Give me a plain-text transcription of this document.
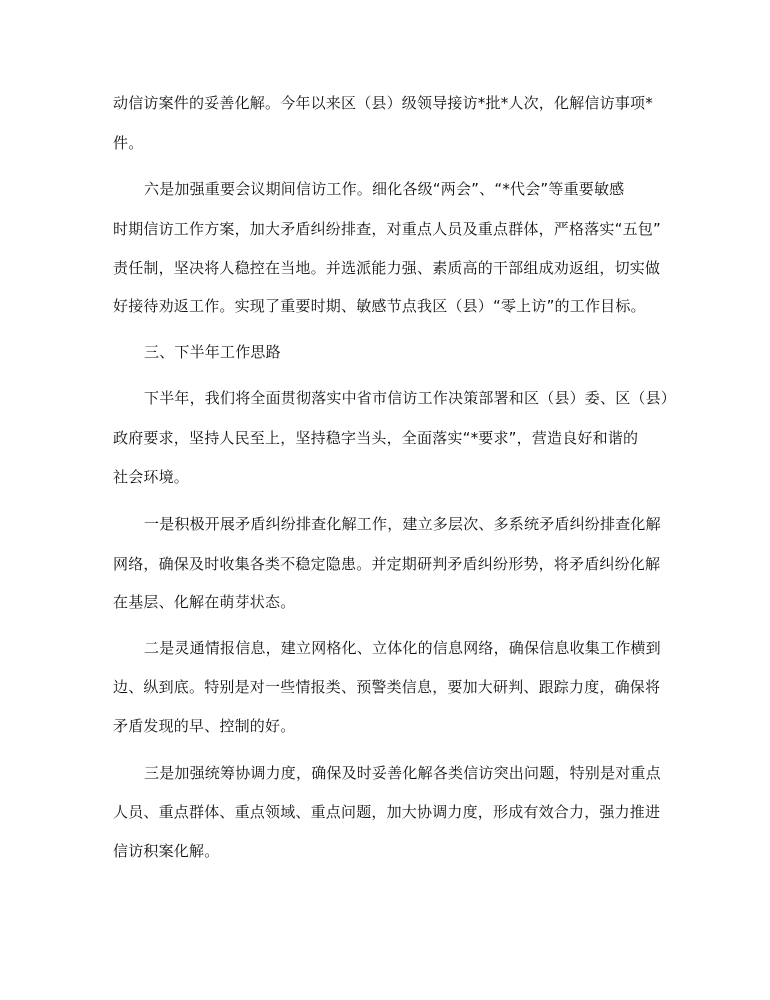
动信访案件的妥善化解。今年以来区（县）级领导接访*批*人次，化解信访事项*
件。
六是加强重要会议期间信访工作。细化各级“两会”、“*代会”等重要敏感
时期信访工作方案，加大矛盾纠纷排查，对重点人员及重点群体，严格落实“五包”
责任制，坚决将人稳控在当地。并选派能力强、素质高的干部组成劝返组，切实做
好接待劝返工作。实现了重要时期、敏感节点我区（县）“零上访”的工作目标。
三、下半年工作思路
下半年，我们将全面贯彻落实中省市信访工作决策部署和区（县）委、区（县）
政府要求，坚持人民至上，坚持稳字当头，全面落实“*要求”，营造良好和谐的
社会环境。
一是积极开展矛盾纠纷排查化解工作，建立多层次、多系统矛盾纠纷排查化解
网络，确保及时收集各类不稳定隐患。并定期研判矛盾纠纷形势，将矛盾纠纷化解
在基层、化解在萌芽状态。
二是灵通情报信息，建立网格化、立体化的信息网络，确保信息收集工作横到
边、纵到底。特别是对一些情报类、预警类信息，要加大研判、跟踪力度，确保将
矛盾发现的早、控制的好。
三是加强统筹协调力度，确保及时妥善化解各类信访突出问题，特别是对重点
人员、重点群体、重点领域、重点问题，加大协调力度，形成有效合力，强力推进
信访积案化解。
